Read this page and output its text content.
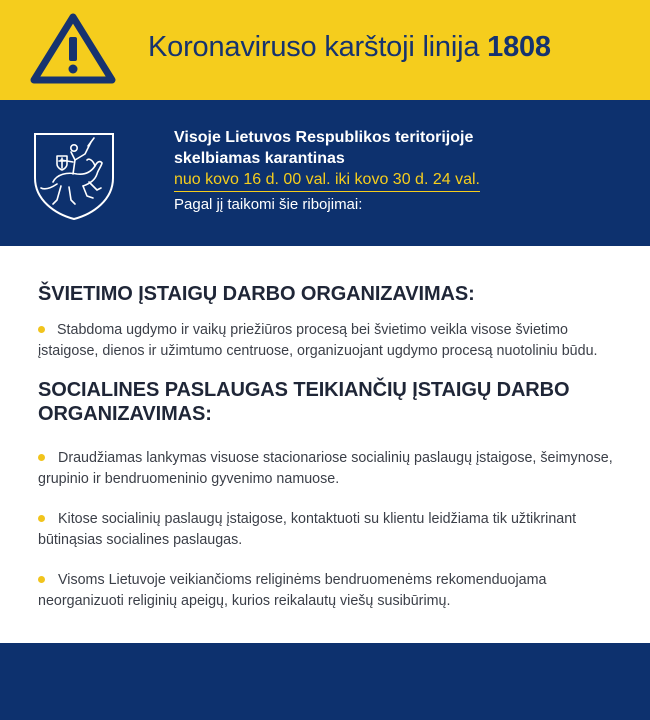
Koronaviruso karštoji linija 1808
Visoje Lietuvos Respublikos teritorijoje
skelbiamas karantinas
nuo kovo 16 d. 00 val. iki kovo 30 d. 24 val.
Pagal jį taikomi šie ribojimai:
ŠVIETIMO ĮSTAIGŲ DARBO ORGANIZAVIMAS:
Stabdoma ugdymo ir vaikų priežiūros procesą bei švietimo veikla visose švietimo įstaigose, dienos ir užimtumo centruose, organizuojant ugdymo procesą nuotoliniu būdu.
SOCIALINES PASLAUGAS TEIKIANČIŲ ĮSTAIGŲ DARBO
ORGANIZAVIMAS:
Draudžiamas lankymas visuose stacionariose socialinių paslaugų įstaigose, šeimynose, grupinio ir bendruomeninio gyvenimo namuose.
Kitose socialinių paslaugų įstaigose, kontaktuoti su klientu leidžiama tik užtikrinant būtinąsias socialines paslaugas.
Visoms Lietuvoje veikiančioms religinėms bendruomenėms rekomenduojama neorganizuoti religinių apeigų, kurios reikalautų viešų susibūrimų.
